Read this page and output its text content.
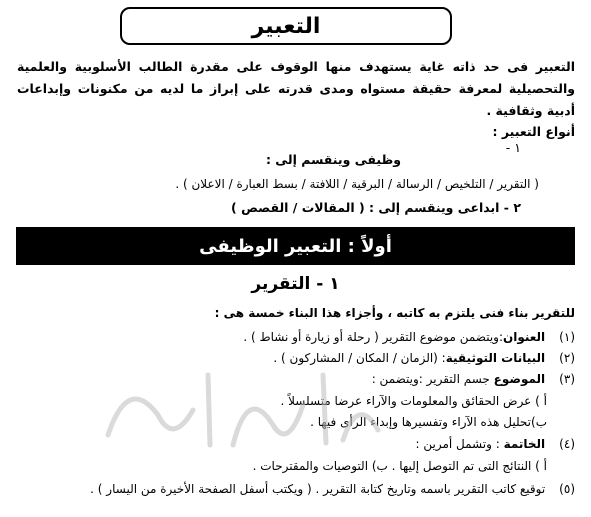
التعبير
التعبير فى حد ذاته غاية يستهدف منها الوقوف على مقدرة الطالب الأسلوبية والعلمية والتحصيلية لمعرفة حقيقة مستواه ومدى قدرته على إبراز ما لديه من مكنونات وإبداعات أدبية وثقافية .
أنواع التعبير :
١ -
وظيفى وينقسم إلى :
( التقرير / التلخيص / الرسالة / البرقية / اللافتة / بسط العبارة / الاعلان ) .
٢ - ابداعى وينقسم إلى : ( المقالات / القصص )
أولاً : التعبير الوظيفى
١ - التقرير
للتقرير بناء فنى يلتزم به كاتبه ، وأجزاء هذا البناء خمسة هى :
(١) العنوان:ويتضمن موضوع التقرير ( رحلة أو زيارة أو نشاط ) .
(٢) البيانات التوثيقية: (الزمان / المكان / المشاركون ) .
(٣) الموضوع جسم التقرير :ويتضمن :
أ ) عرض الحقائق والمعلومات والآراء عرضا متسلسلاً .
ب)تحليل هذه الآراء وتفسيرها وإبداء الرأى فيها .
(٤) الخاتمة : وتشمل أمرين :
أ ) النتائج التى تم التوصل إليها . ب) التوصيات والمقترحات .
(٥) توقيع كاتب التقرير باسمه وتاريخ كتابة التقرير . ( ويكتب أسفل الصفحة الأخيرة من اليسار ) .
